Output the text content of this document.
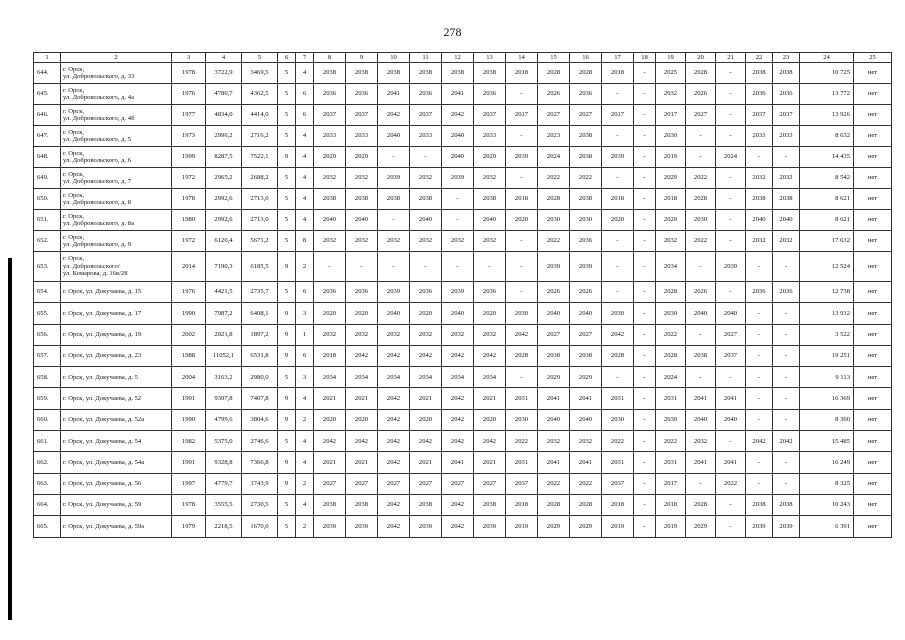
278
1	2	3	4	5	6	7	8	9	10	11	12	13	14	15	16	17	18	19	20	21	22	23	24	25
644.	г. Орск,
ул. Добровольского, д. 33	1978	3722,9	3469,5	5	4	2038	2038	2038	2038	2038	2038	2018	2028	2028	2018	-	2025	2028	-	2038	2038	10 725	нет
645.	г. Орск,
ул. Добровольского, д. 4а	1976	4780,7	4362,5	5	6	2036	2036	2041	2036	2041	2036	-	2026	2036	-	-	2032	2026	-	2036	2036	13 772	нет
646.	г. Орск,
ул. Добровольского, д. 4б	1977	4834,0	4414,0	5	6	2037	2037	2042	2037	2042	2037	2017	2027	2027	2017	-	2017	2027	-	2037	2037	13 926	нет
647.	г. Орск,
ул. Добровольского, д. 5	1973	2996,2	2716,2	5	4	2033	2033	2040	2033	2040	2033	-	2023	2038	-	-	2030	-	-	2033	2033	8 632	нет
648.	г. Орск,
ул. Добровольского, д. 6	1999	8287,5	7522,1	9	4	2029	2029	-	-	2040	2029	2039	2024	2038	2039	-	2019	-	2024	-	-	14 435	нет
649.	г. Орск,
ул. Добровольского, д. 7	1972	2965,2	2688,2	5	4	2032	2032	2039	2032	2039	2032	-	2022	2022	-	-	2029	2022	-	2032	2032	8 542	нет
650.	г. Орск,
ул. Добровольского, д. 8	1978	2992,6	2713,0	5	4	2038	2038	2038	2038	-	2038	2018	2028	2038	2018	-	2018	2028	-	2038	2038	8 621	нет
651.	г. Орск,
ул. Добровольского, д. 8а	1980	2992,6	2713,0	5	4	2040	2040	-	2040	-	2040	2020	2030	2030	2020	-	2020	2030	-	2040	2040	8 621	нет
652.	г. Орск,
ул. Добровольского, д. 9	1972	6120,4	5671,2	5	8	2032	2032	2032	2032	2032	2032	-	2022	2036	-	-	2032	2022	-	2032	2032	17 632	нет
653.	г. Орск,
ул. Добровольского/
ул. Комарова, д. 16в/28	2014	7190,3	6185,5	9	2	-	-	-	-	-	-	-	2039	2039	-	-	2034	-	2039	-	-	12 524	нет
654.	г. Орск, ул. Докучаева, д. 15	1976	4421,5	2735,7	5	6	2036	2036	2039	2036	2039	2036	-	2026	2026	-	-	2028	2026	-	2036	2036	12 738	нет
655.	г. Орск, ул. Докучаева, д. 17	1990	7987,2	6408,1	9	3	2020	2020	2040	2020	2040	2020	2030	2040	2040	2030	-	2030	2040	2040	-	-	13 912	нет
656.	г. Орск, ул. Докучаева, д. 19	2002	2021,8	1897,2	9	1	2032	2032	2032	2032	2032	2032	2042	2027	2027	2042	-	2022	-	2027	-	-	3 522	нет
657.	г. Орск, ул. Докучаева, д. 23	1988	11052,1	6531,8	9	6	2018	2042	2042	2042	2042	2042	2028	2038	2038	2028	-	2028	2038	2037	-	-	19 251	нет
658.	г. Орск, ул. Докучаева, д. 5	2004	3163,2	2980,0	5	3	2034	2034	2034	2034	2034	2034	-	2029	2029	-	-	2024	-	-	-	-	9 113	нет
659.	г. Орск, ул. Докучаева, д. 52	1991	9397,8	7407,8	9	4	2021	2021	2042	2021	2042	2021	2031	2041	2041	2031	-	2031	2041	2041	-	-	16 369	нет
660.	г. Орск, ул. Докучаева, д. 52а	1990	4799,6	3804,6	9	2	2020	2020	2042	2020	2042	2020	2030	2040	2040	2030	-	2030	2040	2040	-	-	8 360	нет
661.	г. Орск, ул. Докучаева, д. 54	1982	5375,0	2746,6	5	4	2042	2042	2042	2042	2042	2042	2022	2032	2032	2022	-	2022	2032	-	2042	2042	15 485	нет
662.	г. Орск, ул. Докучаева, д. 54а	1991	9328,8	7366,8	9	4	2021	2021	2042	2021	2041	2021	2031	2041	2041	2031	-	2031	2041	2041	-	-	16 249	нет
663.	г. Орск, ул. Докучаева, д. 56	1997	4779,7	3743,9	9	2	2027	2027	2027	2027	2027	2027	2037	2022	2022	2037	-	2017	-	2022	-	-	8 325	нет
664.	г. Орск, ул. Докучаева, д. 59	1978	3555,5	2730,5	5	4	2038	2038	2042	2038	2042	2038	2018	2028	2028	2018	-	2018	2028	-	2038	2038	10 243	нет
665.	г. Орск, ул. Докучаева, д. 59а	1979	2218,5	1670,0	5	2	2039	2039	2042	2039	2042	2039	2019	2029	2029	2019	-	2019	2029	-	2039	2039	6 391	нет
